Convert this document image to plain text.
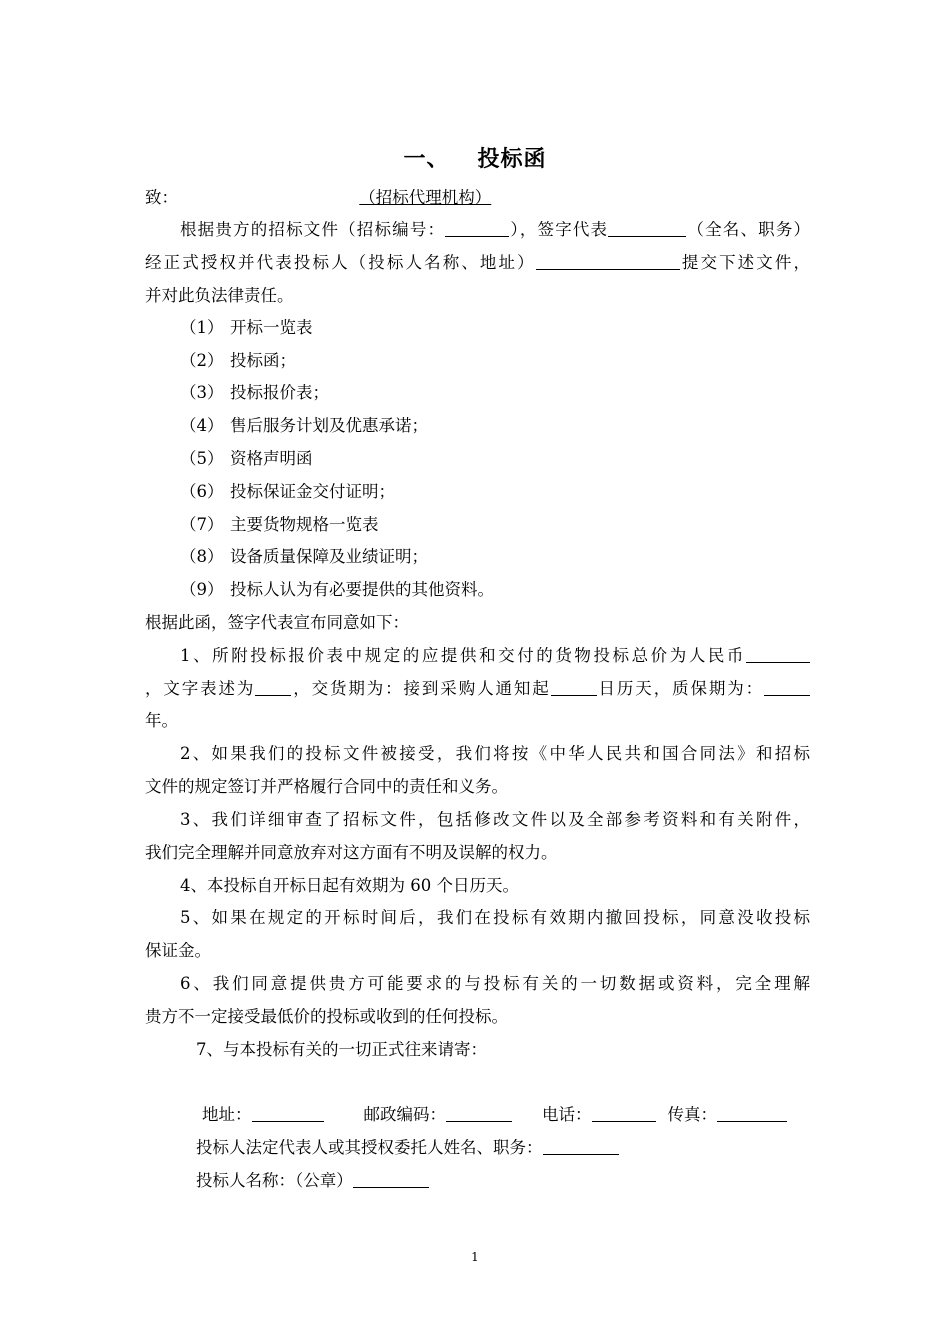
一、 投标函
致：	（招标代理机构）
根据贵方的招标文件（招标编号：	），签字代表	（全名、职务）
经正式授权并代表投标人（投标人名称、地址）	提交下述文件，
并对此负法律责任。
（1） 开标一览表
（2） 投标函；
（3） 投标报价表；
（4） 售后服务计划及优惠承诺；
（5） 资格声明函
（6） 投标保证金交付证明；
（7） 主要货物规格一览表
（8） 设备质量保障及业绩证明；
（9） 投标人认为有必要提供的其他资料。
根据此函，签字代表宣布同意如下：
1、所附投标报价表中规定的应提供和交付的货物投标总价为人民币
，文字表述为 ，交货期为：接到采购人通知起	日历天，质保期为：
年。
2、如果我们的投标文件被接受，我们将按《中华人民共和国合同法》和招标
文件的规定签订并严格履行合同中的责任和义务。
3、我们详细审查了招标文件，包括修改文件以及全部参考资料和有关附件，
我们完全理解并同意放弃对这方面有不明及误解的权力。
4、本投标自开标日起有效期为 60 个日历天。
5、如果在规定的开标时间后，我们在投标有效期内撤回投标，同意没收投标
保证金。
6、我们同意提供贵方可能要求的与投标有关的一切数据或资料，完全理解
贵方不一定接受最低价的投标或收到的任何投标。
7、与本投标有关的一切正式往来请寄：
地址：	邮政编码：	电话：	传真：
投标人法定代表人或其授权委托人姓名、职务：
投标人名称：（公章）
1
